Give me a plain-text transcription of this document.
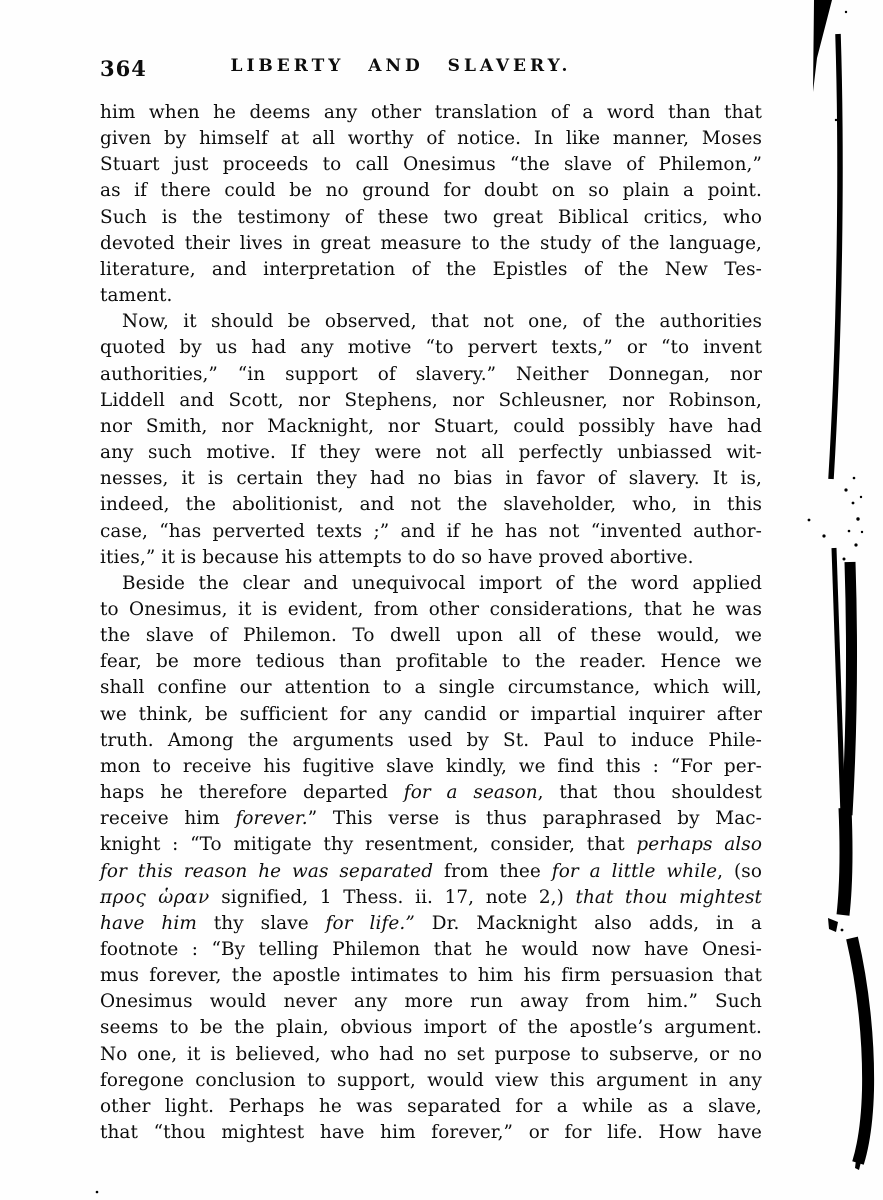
364	LIBERTY AND SLAVERY.
him when he deems any other translation of a word than that
given by himself at all worthy of notice. In like manner, Moses
Stuart just proceeds to call Onesimus “the slave of Philemon,”
as if there could be no ground for doubt on so plain a point.
Such is the testimony of these two great Biblical critics, who
devoted their lives in great measure to the study of the language,
literature, and interpretation of the Epistles of the New Tes-
tament.
Now, it should be observed, that not one, of the authorities
quoted by us had any motive “to pervert texts,” or “to invent
authorities,” “in support of slavery.” Neither Donnegan, nor
Liddell and Scott, nor Stephens, nor Schleusner, nor Robinson,
nor Smith, nor Macknight, nor Stuart, could possibly have had
any such motive. If they were not all perfectly unbiassed wit-
nesses, it is certain they had no bias in favor of slavery. It is,
indeed, the abolitionist, and not the slaveholder, who, in this
case, “has perverted texts ;” and if he has not “invented author-
ities,” it is because his attempts to do so have proved abortive.
Beside the clear and unequivocal import of the word applied
to Onesimus, it is evident, from other considerations, that he was
the slave of Philemon. To dwell upon all of these would, we
fear, be more tedious than profitable to the reader. Hence we
shall confine our attention to a single circumstance, which will,
we think, be sufficient for any candid or impartial inquirer after
truth. Among the arguments used by St. Paul to induce Phile-
mon to receive his fugitive slave kindly, we find this : “For per-
haps he therefore departed for a season, that thou shouldest
receive him forever.” This verse is thus paraphrased by Mac-
knight : “To mitigate thy resentment, consider, that perhaps also
for this reason he was separated from thee for a little while, (so
προς ὡραν signified, 1 Thess. ii. 17, note 2,) that thou mightest
have him thy slave for life.” Dr. Macknight also adds, in a
footnote : “By telling Philemon that he would now have Onesi-
mus forever, the apostle intimates to him his firm persuasion that
Onesimus would never any more run away from him.” Such
seems to be the plain, obvious import of the apostle’s argument.
No one, it is believed, who had no set purpose to subserve, or no
foregone conclusion to support, would view this argument in any
other light. Perhaps he was separated for a while as a slave,
that “thou mightest have him forever,” or for life. How have
